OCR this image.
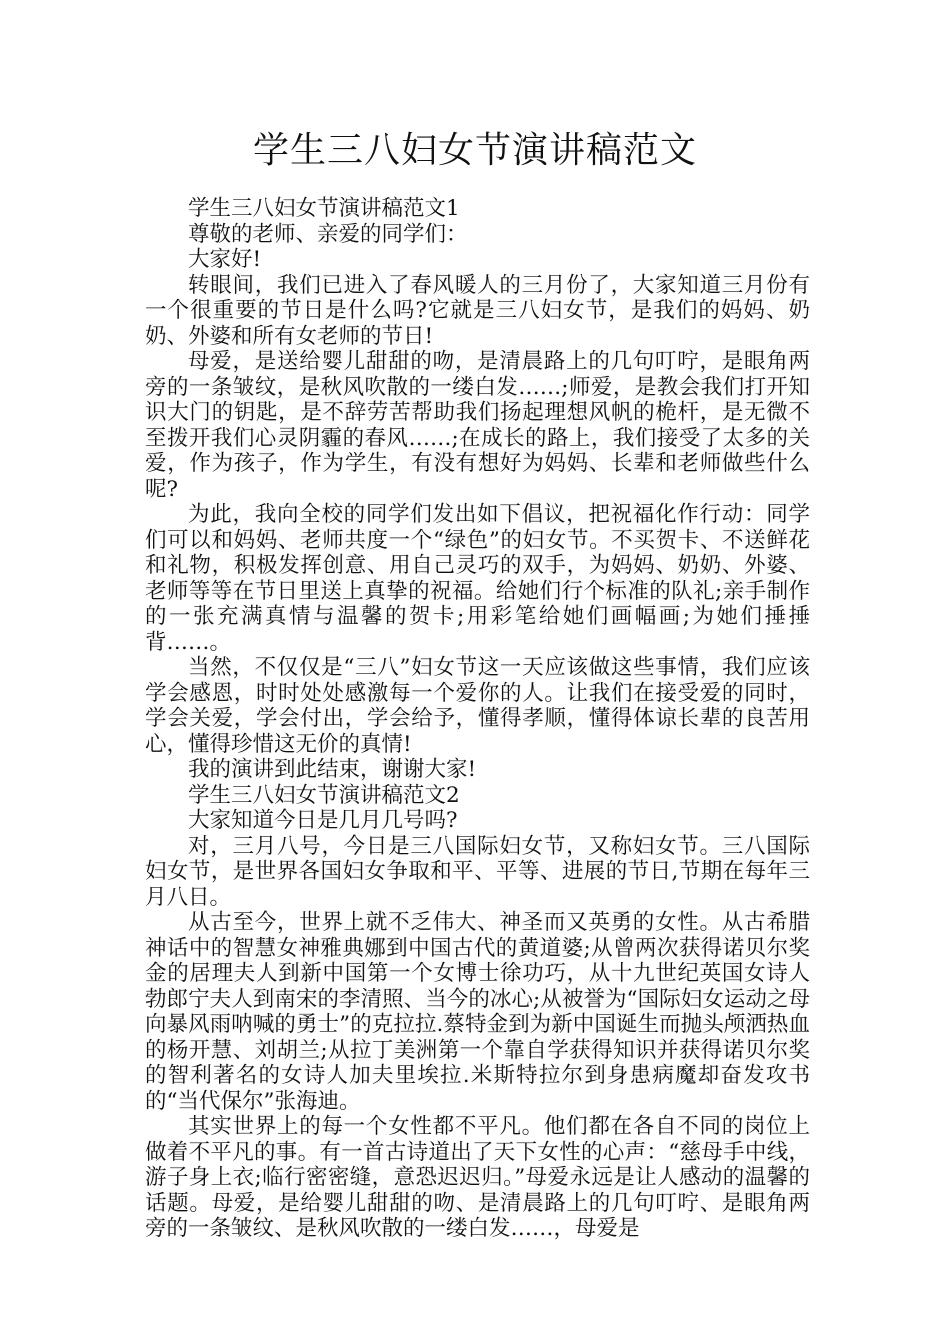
学生三八妇女节演讲稿范文

学生三八妇女节演讲稿范文1

尊敬的老师、亲爱的同学们：

大家好!

转眼间，我们已进入了春风暖人的三月份了，大家知道三月份有一个很重要的节日是什么吗?它就是三八妇女节，是我们的妈妈、奶奶、外婆和所有女老师的节日!

母爱，是送给婴儿甜甜的吻，是清晨路上的几句叮咛，是眼角两旁的一条皱纹，是秋风吹散的一缕白发……;师爱，是教会我们打开知识大门的钥匙，是不辞劳苦帮助我们扬起理想风帆的桅杆，是无微不至拨开我们心灵阴霾的春风……;在成长的路上，我们接受了太多的关爱，作为孩子，作为学生，有没有想好为妈妈、长辈和老师做些什么呢?

为此，我向全校的同学们发出如下倡议，把祝福化作行动：同学们可以和妈妈、老师共度一个“绿色”的妇女节。不买贺卡、不送鲜花和礼物，积极发挥创意、用自己灵巧的双手，为妈妈、奶奶、外婆、老师等等在节日里送上真挚的祝福。给她们行个标准的队礼;亲手制作的一张充满真情与温馨的贺卡;用彩笔给她们画幅画;为她们捶捶背……。

当然，不仅仅是“三八”妇女节这一天应该做这些事情，我们应该学会感恩，时时处处感激每一个爱你的人。让我们在接受爱的同时，学会关爱，学会付出，学会给予，懂得孝顺，懂得体谅长辈的良苦用心，懂得珍惜这无价的真情!

我的演讲到此结束，谢谢大家!

学生三八妇女节演讲稿范文2

大家知道今日是几月几号吗?

对，三月八号，今日是三八国际妇女节，又称妇女节。三八国际妇女节，是世界各国妇女争取和平、平等、进展的节日,节期在每年三月八日。

从古至今，世界上就不乏伟大、神圣而又英勇的女性。从古希腊神话中的智慧女神雅典娜到中国古代的黄道婆;从曾两次获得诺贝尔奖金的居理夫人到新中国第一个女博士徐功巧，从十九世纪英国女诗人勃郎宁夫人到南宋的李清照、当今的冰心;从被誉为“国际妇女运动之母向暴风雨呐喊的勇士”的克拉拉.蔡特金到为新中国诞生而抛头颅洒热血的杨开慧、刘胡兰;从拉丁美洲第一个靠自学获得知识并获得诺贝尔奖的智利著名的女诗人加夫里埃拉.米斯特拉尔到身患病魔却奋发攻书的“当代保尔”张海迪。

其实世界上的每一个女性都不平凡。他们都在各自不同的岗位上做着不平凡的事。有一首古诗道出了天下女性的心声：“慈母手中线，游子身上衣;临行密密缝，意恐迟迟归。”母爱永远是让人感动的温馨的话题。母爱，是给婴儿甜甜的吻、是清晨路上的几句叮咛、是眼角两旁的一条皱纹、是秋风吹散的一缕白发……，母爱是
